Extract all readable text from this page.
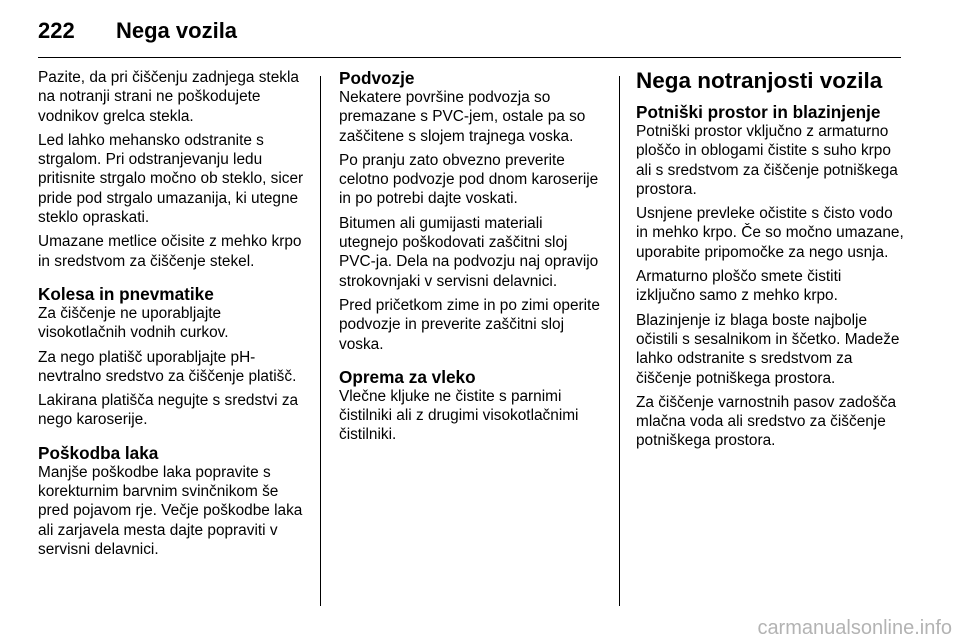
222	Nega vozila

Pazite, da pri čiščenju zadnjega stekla na notranji strani ne poškodujete vodnikov grelca stekla.

Led lahko mehansko odstranite s strgalom. Pri odstranjevanju ledu pritisnite strgalo močno ob steklo, sicer pride pod strgalo umazanija, ki utegne steklo opraskati.

Umazane metlice očisite z mehko krpo in sredstvom za čiščenje stekel.

Kolesa in pnevmatike

Za čiščenje ne uporabljajte visokotlačnih vodnih curkov.

Za nego platišč uporabljajte pH-nevtralno sredstvo za čiščenje platišč.

Lakirana platišča negujte s sredstvi za nego karoserije.

Poškodba laka

Manjše poškodbe laka popravite s korekturnim barvnim svinčnikom še pred pojavom rje. Večje poškodbe laka ali zarjavela mesta dajte popraviti v servisni delavnici.

Podvozje

Nekatere površine podvozja so premazane s PVC-jem, ostale pa so zaščitene s slojem trajnega voska.

Po pranju zato obvezno preverite celotno podvozje pod dnom karoserije in po potrebi dajte voskati.

Bitumen ali gumijasti materiali utegnejo poškodovati zaščitni sloj PVC-ja. Dela na podvozju naj opravijo strokovnjaki v servisni delavnici.

Pred pričetkom zime in po zimi operite podvozje in preverite zaščitni sloj voska.

Oprema za vleko

Vlečne kljuke ne čistite s parnimi čistilniki ali z drugimi visokotlačnimi čistilniki.

Nega notranjosti vozila
Potniški prostor in blazinjenje

Potniški prostor vključno z armaturno ploščo in oblogami čistite s suho krpo ali s sredstvom za čiščenje potniškega prostora.

Usnjene prevleke očistite s čisto vodo in mehko krpo. Če so močno umazane, uporabite pripomočke za nego usnja.

Armaturno ploščo smete čistiti izključno samo z mehko krpo.

Blazinjenje iz blaga boste najbolje očistili s sesalnikom in ščetko. Madeže lahko odstranite s sredstvom za čiščenje potniškega prostora.

Za čiščenje varnostnih pasov zadošča mlačna voda ali sredstvo za čiščenje potniškega prostora.

carmanualsonline.info
